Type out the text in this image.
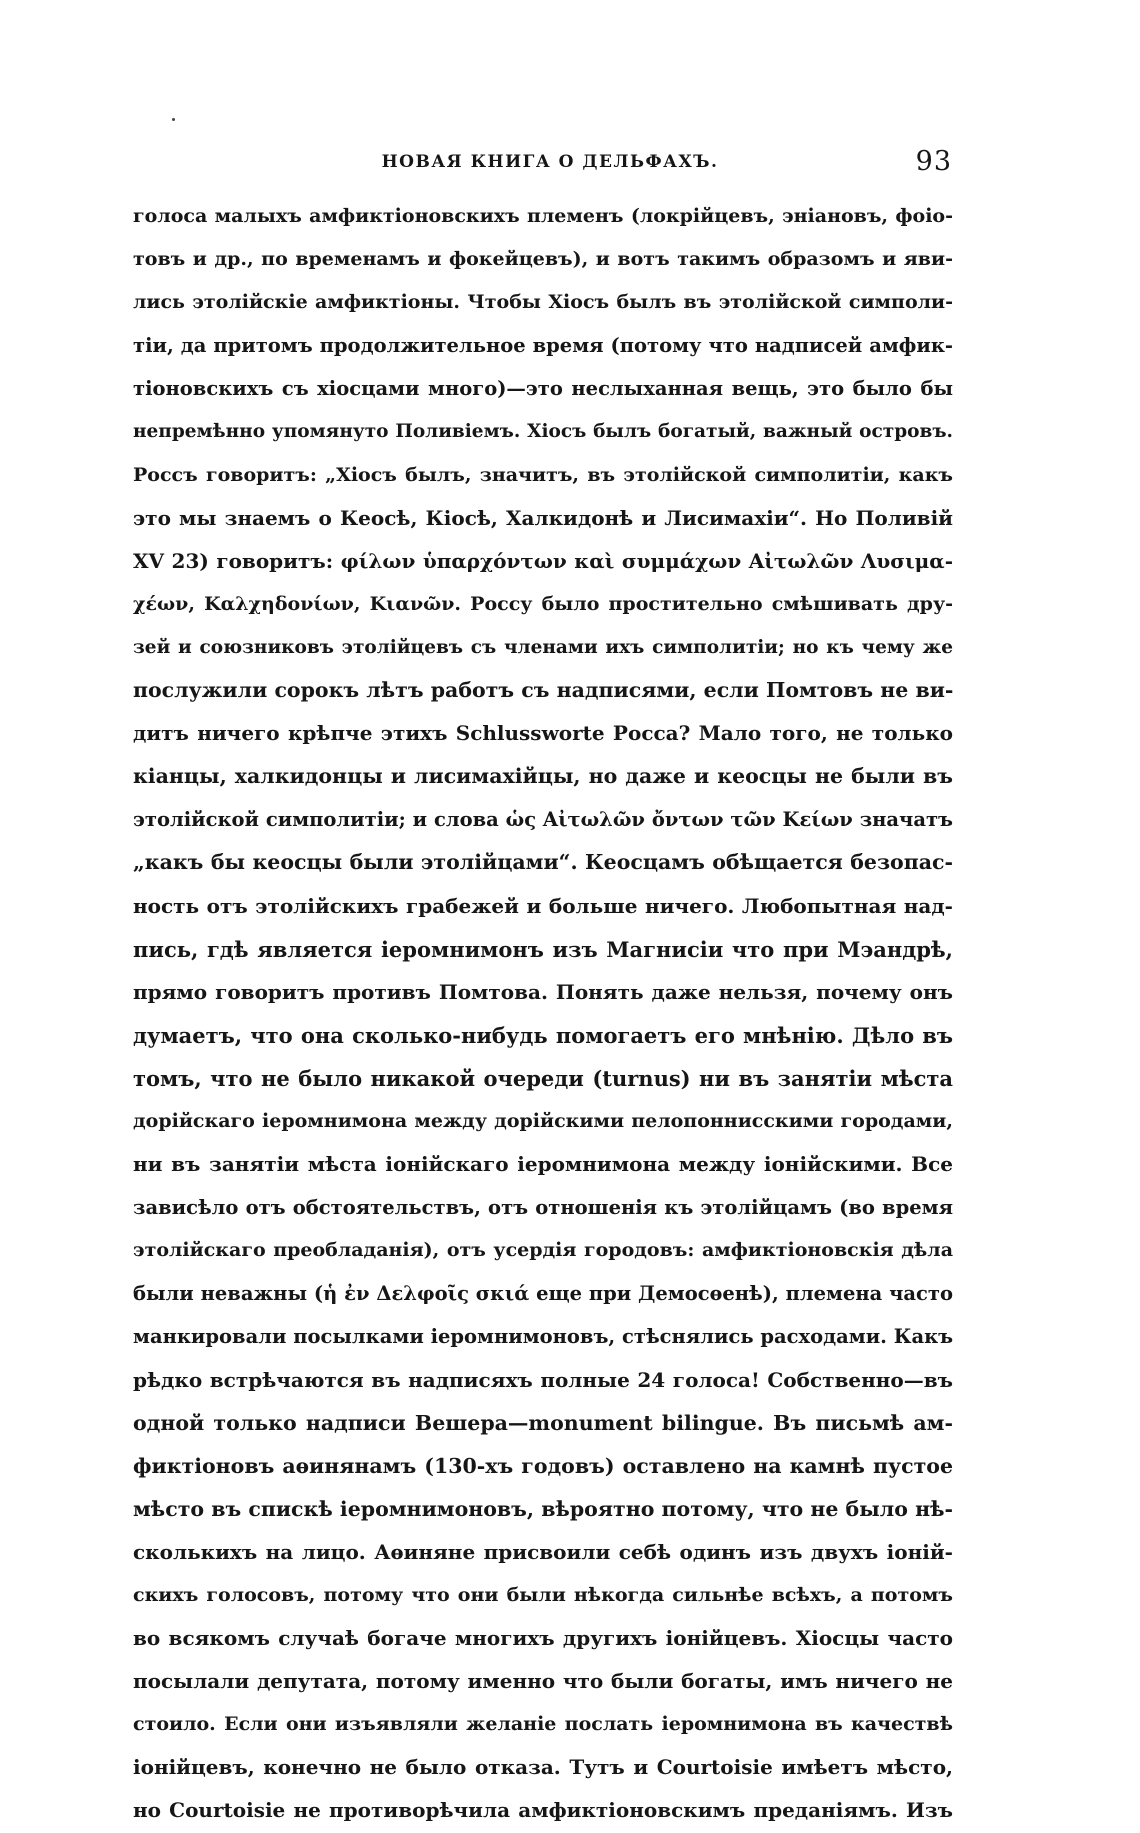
НОВАЯ КНИГА О ДЕЛЬФАХЪ.	93
голоса малыхъ амфиктіоновскихъ племенъ (локрійцевъ, эніановъ, фоіо-
товъ и др., по временамъ и фокейцевъ), и вотъ такимъ образомъ и яви-
лись этолійскіе амфиктіоны. Чтобы Хіосъ былъ въ этолійской симполи-
тіи, да притомъ продолжительное время (потому что надписей амфик-
тіоновскихъ съ хіосцами много)—это неслыханная вещь, это было бы
непремѣнно упомянуто Поливіемъ. Хіосъ былъ богатый, важный островъ.
Россъ говоритъ: „Хіосъ былъ, значитъ, въ этолійской симполитіи, какъ
это мы знаемъ о Кеосѣ, Кіосѣ, Халкидонѣ и Лисимахіи“. Но Поливій
XV 23) говоритъ: φίλων ὑπαρχόντων καὶ συμμάχων Αἰτωλῶν Λυσιμα-
χέων, Καλχηδονίων, Κιανῶν. Россу было простительно смѣшивать дру-
зей и союзниковъ этолійцевъ съ членами ихъ симполитіи; но къ чему же
послужили сорокъ лѣтъ работъ съ надписями, если Помтовъ не ви-
дитъ ничего крѣпче этихъ Schlussworte Росса? Мало того, не только
кіанцы, халкидонцы и лисимахійцы, но даже и кеосцы не были въ
этолійской симполитіи; и слова ὡς Αἰτωλῶν ὄντων τῶν Κείων значатъ
„какъ бы кеосцы были этолійцами“. Кеосцамъ обѣщается безопас-
ность отъ этолійскихъ грабежей и больше ничего. Любопытная над-
пись, гдѣ является іеромнимонъ изъ Магнисіи что при Мэандрѣ,
прямо говоритъ противъ Помтова. Понять даже нельзя, почему онъ
думаетъ, что она сколько-нибудь помогаетъ его мнѣнію. Дѣло въ
томъ, что не было никакой очереди (turnus) ни въ занятіи мѣста
дорійскаго іеромнимона между дорійскими пелопоннисскими городами,
ни въ занятіи мѣста іонійскаго іеромнимона между іонійскими. Все
зависѣло отъ обстоятельствъ, отъ отношенія къ этолійцамъ (во время
этолійскаго преобладанія), отъ усердія городовъ: амфиктіоновскія дѣла
были неважны (ἡ ἐν Δελφοῖς σκιά еще при Демосѳенѣ), племена часто
манкировали посылками іеромнимоновъ, стѣснялись расходами. Какъ
рѣдко встрѣчаются въ надписяхъ полные 24 голоса! Собственно—въ
одной только надписи Вешера—monument bilingue. Въ письмѣ ам-
фиктіоновъ аѳинянамъ (130-хъ годовъ) оставлено на камнѣ пустое
мѣсто въ спискѣ іеромнимоновъ, вѣроятно потому, что не было нѣ-
сколькихъ на лицо. Аѳиняне присвоили себѣ одинъ изъ двухъ іоній-
скихъ голосовъ, потому что они были нѣкогда сильнѣе всѣхъ, а потомъ
во всякомъ случаѣ богаче многихъ другихъ іонійцевъ. Хіосцы часто
посылали депутата, потому именно что были богаты, имъ ничего не
стоило. Если они изъявляли желаніе послать іеромнимона въ качествѣ
іонійцевъ, конечно не было отказа. Тутъ и Courtoisie имѣетъ мѣсто,
но Courtoisie не противорѣчила амфиктіоновскимъ преданіямъ. Изъ
